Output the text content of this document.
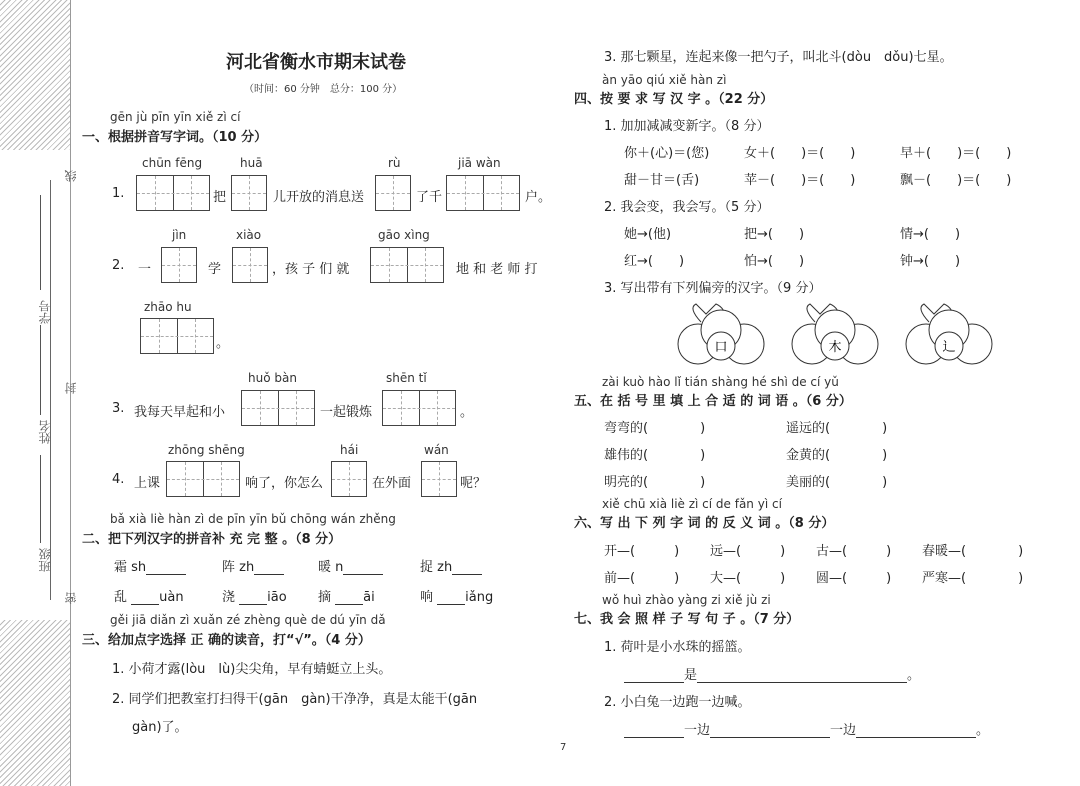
线
封
密
学号
姓名
班级
河北省衡水市期末试卷
（时间：60 分钟　总分：100 分）
gēn jù pīn yīn xiě zì cí
一、根据拼音写字词。（10 分）
chūn fēng	huā	rù	jiā wàn
1.	把	儿开放的消息送	了千	户。
jìn	xiào	gāo xìng
2. 一	学	，孩 子 们 就	地 和 老 师 打
zhāo hu
。
huǒ bàn	shēn tǐ
3. 我每天早起和小	一起锻炼	。
zhōng shēng	hái	wán
4. 上课	响了，你怎么	在外面	呢？
bǎ xià liè hàn zì de pīn yīn bǔ chōng wán zhěng
二、把下列汉字的拼音补 充 完 整 。（8 分）
霜 sh	阵 zh	暖 n	捉 zh
乱 uàn	浇 iāo 摘 āi	响 iǎng
gěi jiā diǎn zì xuǎn zé zhèng què de dú yīn dǎ
三、给加点字选择 正 确的读音，打“√”。（4 分）
1. 小荷才露(lòu　lù)尖尖角，早有蜻蜓立上头。
2. 同学们把教室打扫得干(gān　gàn)干净净，真是太能干(gān
gàn)了。
3. 那七颗星，连起来像一把勺子，叫北斗(dòu　dǒu)七星。
àn yāo qiú xiě hàn zì
四、按 要 求 写 汉 字 。（22 分）
1. 加加减减变新字。（8 分）
你＋(心)＝(您)	女＋(　　)＝(　　)	早＋(　　)＝(　　)
甜－甘＝(舌)	苹－(　　)＝(　　)	飘－(　　)＝(　　)
2. 我会变，我会写。（5 分）
她→(他)	把→(　　)	情→(　　)
红→(　　)	怕→(　　)	钟→(　　)
3. 写出带有下列偏旁的汉字。（9 分）
口	木	辶
zài kuò hào lǐ tián shàng hé shì de cí yǔ
五、在 括 号 里 填 上 合 适 的 词 语 。（6 分）
弯弯的(　　　　)	遥远的(　　　　)
雄伟的(　　　　)	金黄的(　　　　)
明亮的(　　　　)	美丽的(　　　　)
xiě chū xià liè zì cí de fǎn yì cí
六、写 出 下 列 字 词 的 反 义 词 。（8 分）
开—(　　　) 远—(　　　) 古—(　　　) 春暖—(　　　　)
前—(　　　) 大—(　　　) 圆—(　　　) 严寒—(　　　　)
wǒ huì zhào yàng zi xiě jù zi
七、我 会 照 样 子 写 句 子 。（7 分）
1. 荷叶是小水珠的摇篮。
是	。
2. 小白兔一边跑一边喊。
一边	一边	。
7
